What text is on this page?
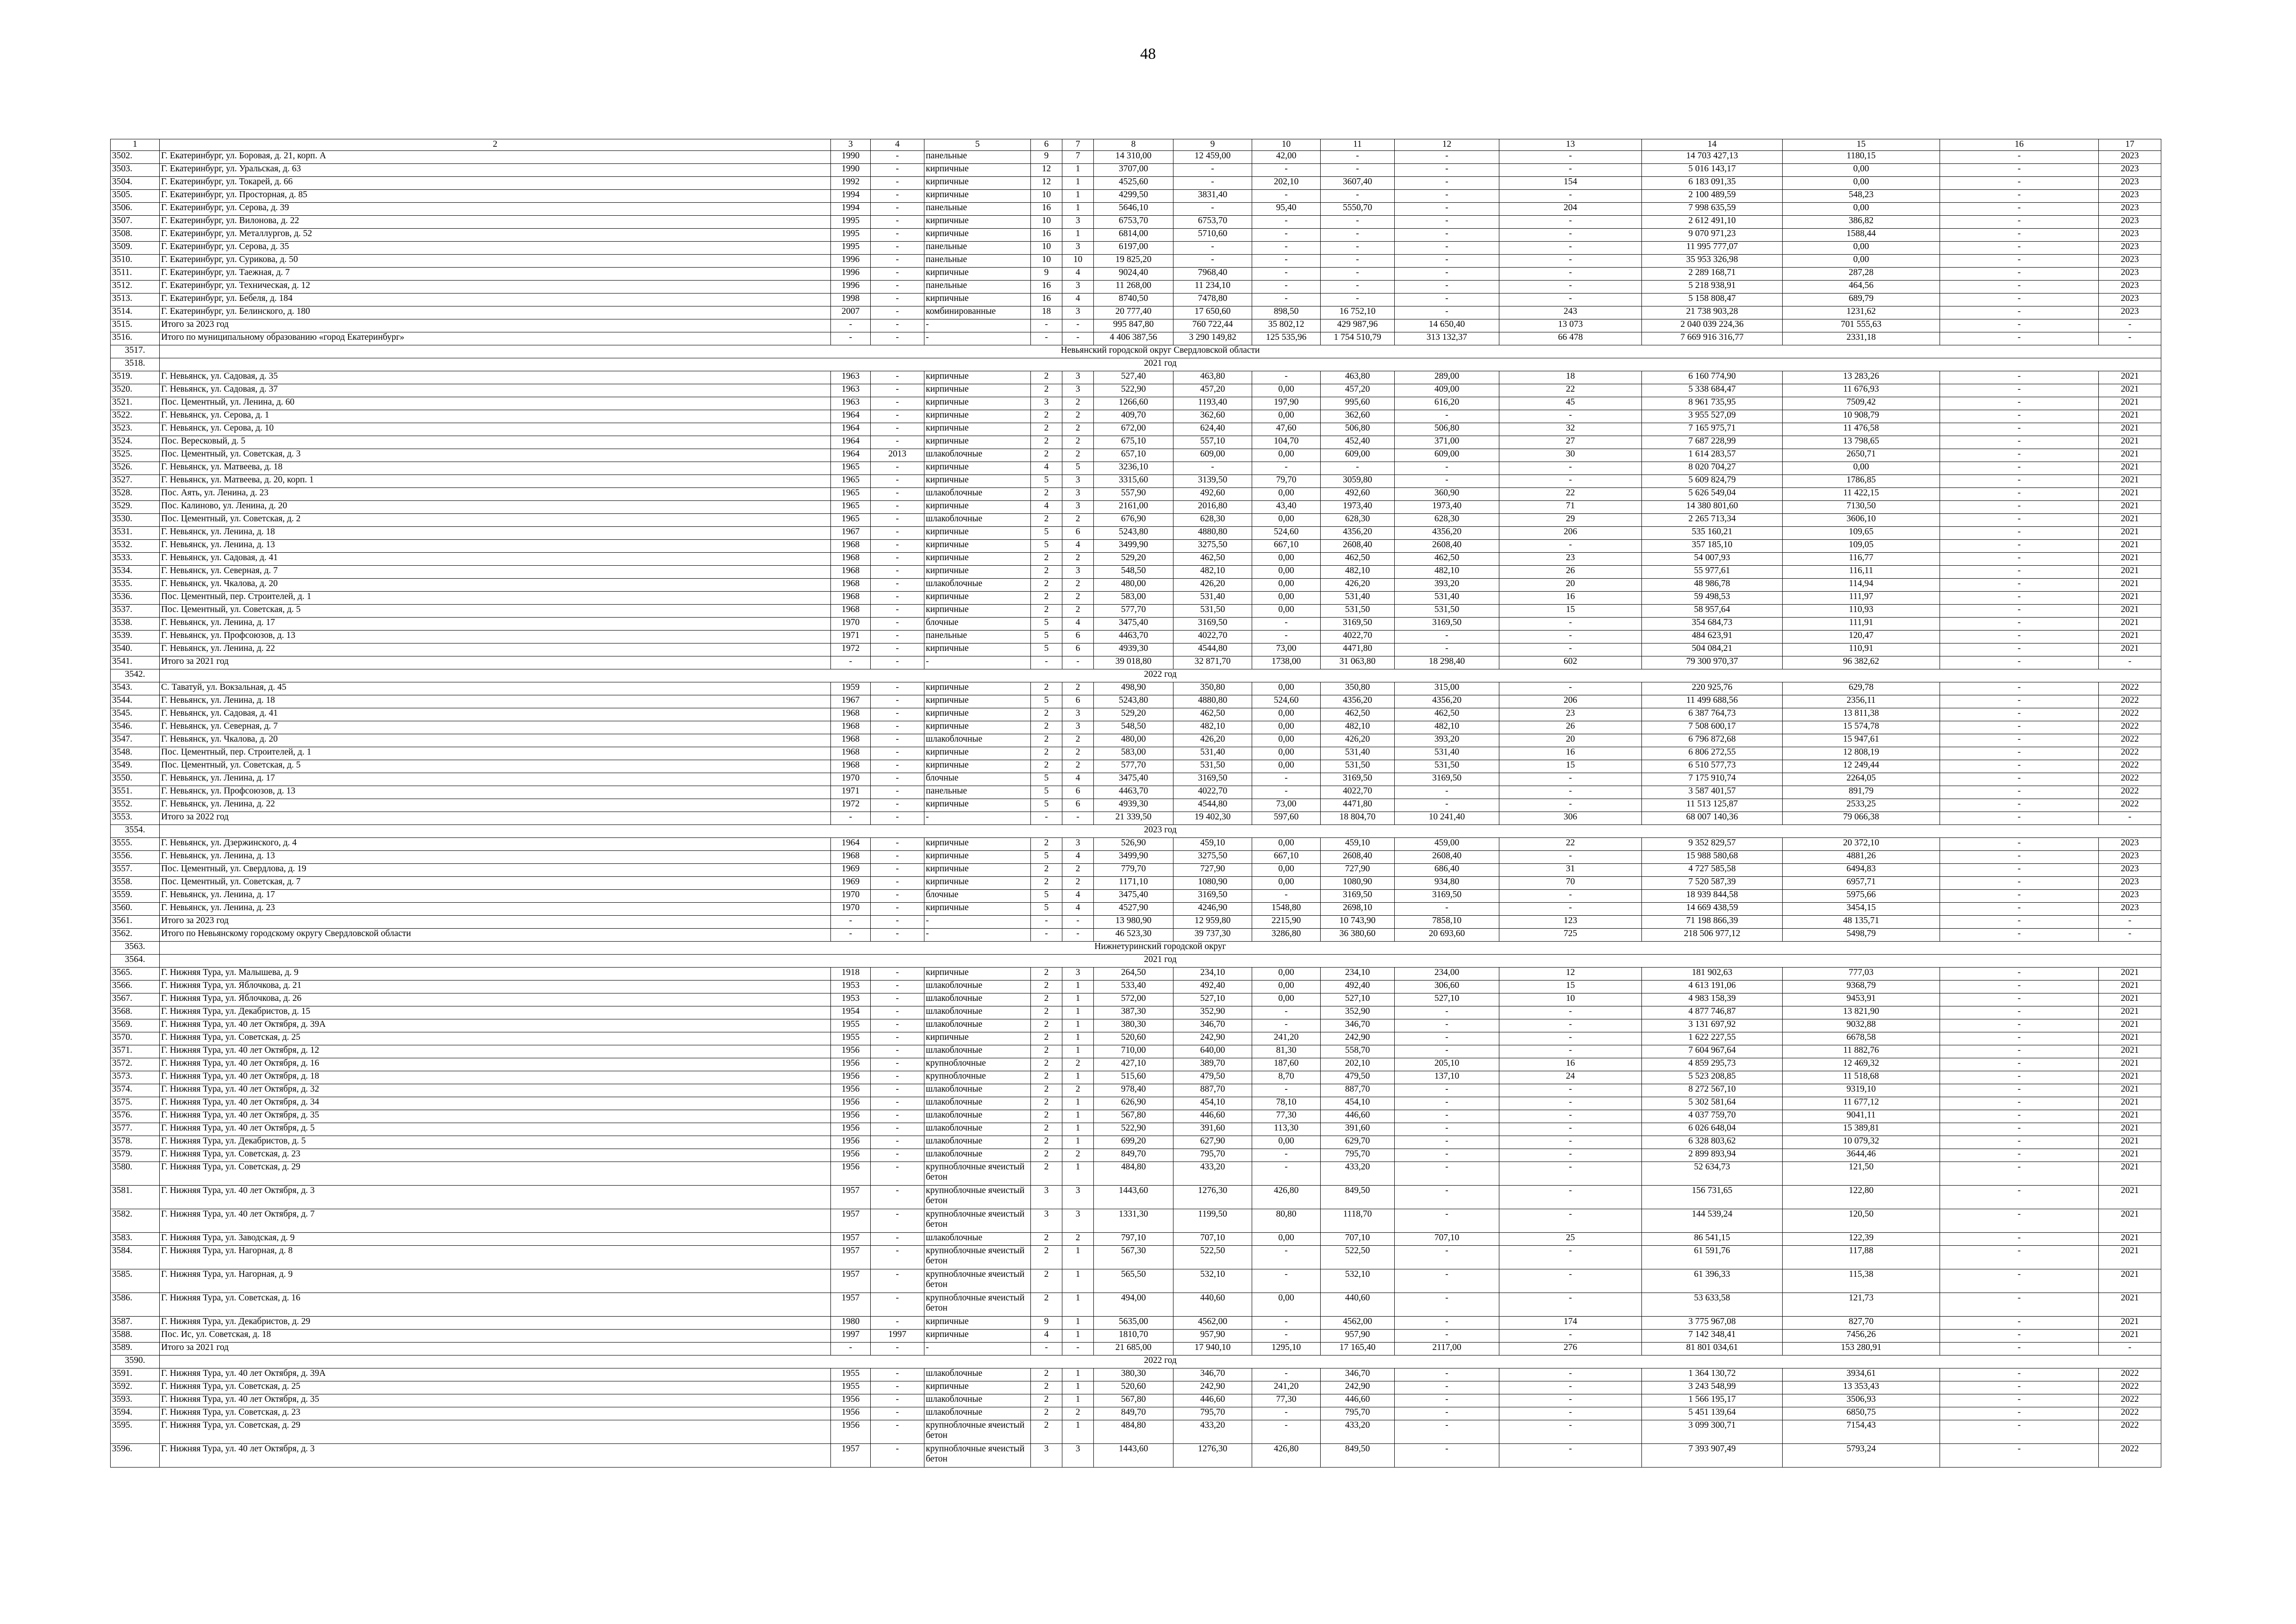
48
1	2	3	4	5	6	7	8	9	10	11	12	13	14	15	16	17
3502.	Г. Екатеринбург, ул. Боровая, д. 21, корп. А	1990	-	панельные	9	7	14 310,00	12 459,00	42,00	-	-	-	14 703 427,13	1180,15	-	2023
3503.	Г. Екатеринбург, ул. Уральская, д. 63	1990	-	кирпичные	12	1	3707,00	-	-	-	-	-	5 016 143,17	0,00	-	2023
3504.	Г. Екатеринбург, ул. Токарей, д. 66	1992	-	кирпичные	12	1	4525,60	-	202,10	3607,40	-	154	6 183 091,35	0,00	-	2023
3505.	Г. Екатеринбург, ул. Просторная, д. 85	1994	-	кирпичные	10	1	4299,50	3831,40	-	-	-	-	2 100 489,59	548,23	-	2023
3506.	Г. Екатеринбург, ул. Серова, д. 39	1994	-	панельные	16	1	5646,10	-	95,40	5550,70	-	204	7 998 635,59	0,00	-	2023
3507.	Г. Екатеринбург, ул. Вилонова, д. 22	1995	-	кирпичные	10	3	6753,70	6753,70	-	-	-	-	2 612 491,10	386,82	-	2023
3508.	Г. Екатеринбург, ул. Металлургов, д. 52	1995	-	кирпичные	16	1	6814,00	5710,60	-	-	-	-	9 070 971,23	1588,44	-	2023
3509.	Г. Екатеринбург, ул. Серова, д. 35	1995	-	панельные	10	3	6197,00	-	-	-	-	-	11 995 777,07	0,00	-	2023
3510.	Г. Екатеринбург, ул. Сурикова, д. 50	1996	-	панельные	10	10	19 825,20	-	-	-	-	-	35 953 326,98	0,00	-	2023
3511.	Г. Екатеринбург, ул. Таежная, д. 7	1996	-	кирпичные	9	4	9024,40	7968,40	-	-	-	-	2 289 168,71	287,28	-	2023
3512.	Г. Екатеринбург, ул. Техническая, д. 12	1996	-	панельные	16	3	11 268,00	11 234,10	-	-	-	-	5 218 938,91	464,56	-	2023
3513.	Г. Екатеринбург, ул. Бебеля, д. 184	1998	-	кирпичные	16	4	8740,50	7478,80	-	-	-	-	5 158 808,47	689,79	-	2023
3514.	Г. Екатеринбург, ул. Белинского, д. 180	2007	-	комбинированные	18	3	20 777,40	17 650,60	898,50	16 752,10	-	243	21 738 903,28	1231,62	-	2023
3515.	Итого за 2023 год	-	-	-	-	-	995 847,80	760 722,44	35 802,12	429 987,96	14 650,40	13 073	2 040 039 224,36	701 555,63	-	-
3516.	Итого по муниципальному образованию «город Екатеринбург»	-	-	-	-	-	4 406 387,56	3 290 149,82	125 535,96	1 754 510,79	313 132,37	66 478	7 669 916 316,77	2331,18	-	-
3517.	Невьянский городской округ Свердловской области															
3518.	2021 год															
3519.	Г. Невьянск, ул. Садовая, д. 35	1963	-	кирпичные	2	3	527,40	463,80	-	463,80	289,00	18	6 160 774,90	13 283,26	-	2021
3520.	Г. Невьянск, ул. Садовая, д. 37	1963	-	кирпичные	2	3	522,90	457,20	0,00	457,20	409,00	22	5 338 684,47	11 676,93	-	2021
3521.	Пос. Цементный, ул. Ленина, д. 60	1963	-	кирпичные	3	2	1266,60	1193,40	197,90	995,60	616,20	45	8 961 735,95	7509,42	-	2021
3522.	Г. Невьянск, ул. Серова, д. 1	1964	-	кирпичные	2	2	409,70	362,60	0,00	362,60	-	-	3 955 527,09	10 908,79	-	2021
3523.	Г. Невьянск, ул. Серова, д. 10	1964	-	кирпичные	2	2	672,00	624,40	47,60	506,80	506,80	32	7 165 975,71	11 476,58	-	2021
3524.	Пос. Вересковый, д. 5	1964	-	кирпичные	2	2	675,10	557,10	104,70	452,40	371,00	27	7 687 228,99	13 798,65	-	2021
3525.	Пос. Цементный, ул. Советская, д. 3	1964	2013	шлакоблочные	2	2	657,10	609,00	0,00	609,00	609,00	30	1 614 283,57	2650,71	-	2021
3526.	Г. Невьянск, ул. Матвеева, д. 18	1965	-	кирпичные	4	5	3236,10	-	-	-	-	-	8 020 704,27	0,00	-	2021
3527.	Г. Невьянск, ул. Матвеева, д. 20, корп. 1	1965	-	кирпичные	5	3	3315,60	3139,50	79,70	3059,80	-	-	5 609 824,79	1786,85	-	2021
3528.	Пос. Аять, ул. Ленина, д. 23	1965	-	шлакоблочные	2	3	557,90	492,60	0,00	492,60	360,90	22	5 626 549,04	11 422,15	-	2021
3529.	Пос. Калиново, ул. Ленина, д. 20	1965	-	кирпичные	4	3	2161,00	2016,80	43,40	1973,40	1973,40	71	14 380 801,60	7130,50	-	2021
3530.	Пос. Цементный, ул. Советская, д. 2	1965	-	шлакоблочные	2	2	676,90	628,30	0,00	628,30	628,30	29	2 265 713,34	3606,10	-	2021
3531.	Г. Невьянск, ул. Ленина, д. 18	1967	-	кирпичные	5	6	5243,80	4880,80	524,60	4356,20	4356,20	206	535 160,21	109,65	-	2021
3532.	Г. Невьянск, ул. Ленина, д. 13	1968	-	кирпичные	5	4	3499,90	3275,50	667,10	2608,40	2608,40	-	357 185,10	109,05	-	2021
3533.	Г. Невьянск, ул. Садовая, д. 41	1968	-	кирпичные	2	2	529,20	462,50	0,00	462,50	462,50	23	54 007,93	116,77	-	2021
3534.	Г. Невьянск, ул. Северная, д. 7	1968	-	кирпичные	2	3	548,50	482,10	0,00	482,10	482,10	26	55 977,61	116,11	-	2021
3535.	Г. Невьянск, ул. Чкалова, д. 20	1968	-	шлакоблочные	2	2	480,00	426,20	0,00	426,20	393,20	20	48 986,78	114,94	-	2021
3536.	Пос. Цементный, пер. Строителей, д. 1	1968	-	кирпичные	2	2	583,00	531,40	0,00	531,40	531,40	16	59 498,53	111,97	-	2021
3537.	Пос. Цементный, ул. Советская, д. 5	1968	-	кирпичные	2	2	577,70	531,50	0,00	531,50	531,50	15	58 957,64	110,93	-	2021
3538.	Г. Невьянск, ул. Ленина, д. 17	1970	-	блочные	5	4	3475,40	3169,50	-	3169,50	3169,50	-	354 684,73	111,91	-	2021
3539.	Г. Невьянск, ул. Профсоюзов, д. 13	1971	-	панельные	5	6	4463,70	4022,70	-	4022,70	-	-	484 623,91	120,47	-	2021
3540.	Г. Невьянск, ул. Ленина, д. 22	1972	-	кирпичные	5	6	4939,30	4544,80	73,00	4471,80	-	-	504 084,21	110,91	-	2021
3541.	Итого за 2021 год	-	-	-	-	-	39 018,80	32 871,70	1738,00	31 063,80	18 298,40	602	79 300 970,37	96 382,62	-	-
3542.	2022 год															
3543.	С. Таватуй, ул. Вокзальная, д. 45	1959	-	кирпичные	2	2	498,90	350,80	0,00	350,80	315,00	-	220 925,76	629,78	-	2022
3544.	Г. Невьянск, ул. Ленина, д. 18	1967	-	кирпичные	5	6	5243,80	4880,80	524,60	4356,20	4356,20	206	11 499 688,56	2356,11	-	2022
3545.	Г. Невьянск, ул. Садовая, д. 41	1968	-	кирпичные	2	3	529,20	462,50	0,00	462,50	462,50	23	6 387 764,73	13 811,38	-	2022
3546.	Г. Невьянск, ул. Северная, д. 7	1968	-	кирпичные	2	3	548,50	482,10	0,00	482,10	482,10	26	7 508 600,17	15 574,78	-	2022
3547.	Г. Невьянск, ул. Чкалова, д. 20	1968	-	шлакоблочные	2	2	480,00	426,20	0,00	426,20	393,20	20	6 796 872,68	15 947,61	-	2022
3548.	Пос. Цементный, пер. Строителей, д. 1	1968	-	кирпичные	2	2	583,00	531,40	0,00	531,40	531,40	16	6 806 272,55	12 808,19	-	2022
3549.	Пос. Цементный, ул. Советская, д. 5	1968	-	кирпичные	2	2	577,70	531,50	0,00	531,50	531,50	15	6 510 577,73	12 249,44	-	2022
3550.	Г. Невьянск, ул. Ленина, д. 17	1970	-	блочные	5	4	3475,40	3169,50	-	3169,50	3169,50	-	7 175 910,74	2264,05	-	2022
3551.	Г. Невьянск, ул. Профсоюзов, д. 13	1971	-	панельные	5	6	4463,70	4022,70	-	4022,70	-	-	3 587 401,57	891,79	-	2022
3552.	Г. Невьянск, ул. Ленина, д. 22	1972	-	кирпичные	5	6	4939,30	4544,80	73,00	4471,80	-	-	11 513 125,87	2533,25	-	2022
3553.	Итого за 2022 год	-	-	-	-	-	21 339,50	19 402,30	597,60	18 804,70	10 241,40	306	68 007 140,36	79 066,38	-	-
3554.	2023 год															
3555.	Г. Невьянск, ул. Дзержинского, д. 4	1964	-	кирпичные	2	3	526,90	459,10	0,00	459,10	459,00	22	9 352 829,57	20 372,10	-	2023
3556.	Г. Невьянск, ул. Ленина, д. 13	1968	-	кирпичные	5	4	3499,90	3275,50	667,10	2608,40	2608,40	-	15 988 580,68	4881,26	-	2023
3557.	Пос. Цементный, ул. Свердлова, д. 19	1969	-	кирпичные	2	2	779,70	727,90	0,00	727,90	686,40	31	4 727 585,58	6494,83	-	2023
3558.	Пос. Цементный, ул. Советская, д. 7	1969	-	кирпичные	2	2	1171,10	1080,90	0,00	1080,90	934,80	70	7 520 587,39	6957,71	-	2023
3559.	Г. Невьянск, ул. Ленина, д. 17	1970	-	блочные	5	4	3475,40	3169,50	-	3169,50	3169,50	-	18 939 844,58	5975,66	-	2023
3560.	Г. Невьянск, ул. Ленина, д. 23	1970	-	кирпичные	5	4	4527,90	4246,90	1548,80	2698,10	-	-	14 669 438,59	3454,15	-	2023
3561.	Итого за 2023 год	-	-	-	-	-	13 980,90	12 959,80	2215,90	10 743,90	7858,10	123	71 198 866,39	48 135,71	-	-
3562.	Итого по Невьянскому городскому округу Свердловской области	-	-	-	-	-	46 523,30	39 737,30	3286,80	36 380,60	20 693,60	725	218 506 977,12	5498,79	-	-
3563.	Нижнетуринский городской округ															
3564.	2021 год															
3565.	Г. Нижняя Тура, ул. Малышева, д. 9	1918	-	кирпичные	2	3	264,50	234,10	0,00	234,10	234,00	12	181 902,63	777,03	-	2021
3566.	Г. Нижняя Тура, ул. Яблочкова, д. 21	1953	-	шлакоблочные	2	1	533,40	492,40	0,00	492,40	306,60	15	4 613 191,06	9368,79	-	2021
3567.	Г. Нижняя Тура, ул. Яблочкова, д. 26	1953	-	шлакоблочные	2	1	572,00	527,10	0,00	527,10	527,10	10	4 983 158,39	9453,91	-	2021
3568.	Г. Нижняя Тура, ул. Декабристов, д. 15	1954	-	шлакоблочные	2	1	387,30	352,90	-	352,90	-	-	4 877 746,87	13 821,90	-	2021
3569.	Г. Нижняя Тура, ул. 40 лет Октября, д. 39А	1955	-	шлакоблочные	2	1	380,30	346,70	-	346,70	-	-	3 131 697,92	9032,88	-	2021
3570.	Г. Нижняя Тура, ул. Советская, д. 25	1955	-	кирпичные	2	1	520,60	242,90	241,20	242,90	-	-	1 622 227,55	6678,58	-	2021
3571.	Г. Нижняя Тура, ул. 40 лет Октября, д. 12	1956	-	шлакоблочные	2	1	710,00	640,00	81,30	558,70	-	-	7 604 967,64	11 882,76	-	2021
3572.	Г. Нижняя Тура, ул. 40 лет Октября, д. 16	1956	-	крупноблочные	2	2	427,10	389,70	187,60	202,10	205,10	16	4 859 295,73	12 469,32	-	2021
3573.	Г. Нижняя Тура, ул. 40 лет Октября, д. 18	1956	-	крупноблочные	2	1	515,60	479,50	8,70	479,50	137,10	24	5 523 208,85	11 518,68	-	2021
3574.	Г. Нижняя Тура, ул. 40 лет Октября, д. 32	1956	-	шлакоблочные	2	2	978,40	887,70	-	887,70	-	-	8 272 567,10	9319,10	-	2021
3575.	Г. Нижняя Тура, ул. 40 лет Октября, д. 34	1956	-	шлакоблочные	2	1	626,90	454,10	78,10	454,10	-	-	5 302 581,64	11 677,12	-	2021
3576.	Г. Нижняя Тура, ул. 40 лет Октября, д. 35	1956	-	шлакоблочные	2	1	567,80	446,60	77,30	446,60	-	-	4 037 759,70	9041,11	-	2021
3577.	Г. Нижняя Тура, ул. 40 лет Октября, д. 5	1956	-	шлакоблочные	2	1	522,90	391,60	113,30	391,60	-	-	6 026 648,04	15 389,81	-	2021
3578.	Г. Нижняя Тура, ул. Декабристов, д. 5	1956	-	шлакоблочные	2	1	699,20	627,90	0,00	629,70	-	-	6 328 803,62	10 079,32	-	2021
3579.	Г. Нижняя Тура, ул. Советская, д. 23	1956	-	шлакоблочные	2	2	849,70	795,70	-	795,70	-	-	2 899 893,94	3644,46	-	2021
3580.	Г. Нижняя Тура, ул. Советская, д. 29	1956	-	крупноблочные ячеистый бетон	2	1	484,80	433,20	-	433,20	-	-	52 634,73	121,50	-	2021
3581.	Г. Нижняя Тура, ул. 40 лет Октября, д. 3	1957	-	крупноблочные ячеистый бетон	3	3	1443,60	1276,30	426,80	849,50	-	-	156 731,65	122,80	-	2021
3582.	Г. Нижняя Тура, ул. 40 лет Октября, д. 7	1957	-	крупноблочные ячеистый бетон	3	3	1331,30	1199,50	80,80	1118,70	-	-	144 539,24	120,50	-	2021
3583.	Г. Нижняя Тура, ул. Заводская, д. 9	1957	-	шлакоблочные	2	2	797,10	707,10	0,00	707,10	707,10	25	86 541,15	122,39	-	2021
3584.	Г. Нижняя Тура, ул. Нагорная, д. 8	1957	-	крупноблочные ячеистый бетон	2	1	567,30	522,50	-	522,50	-	-	61 591,76	117,88	-	2021
3585.	Г. Нижняя Тура, ул. Нагорная, д. 9	1957	-	крупноблочные ячеистый бетон	2	1	565,50	532,10	-	532,10	-	-	61 396,33	115,38	-	2021
3586.	Г. Нижняя Тура, ул. Советская, д. 16	1957	-	крупноблочные ячеистый бетон	2	1	494,00	440,60	0,00	440,60	-	-	53 633,58	121,73	-	2021
3587.	Г. Нижняя Тура, ул. Декабристов, д. 29	1980	-	кирпичные	9	1	5635,00	4562,00	-	4562,00	-	174	3 775 967,08	827,70	-	2021
3588.	Пос. Ис, ул. Советская, д. 18	1997	1997	кирпичные	4	1	1810,70	957,90	-	957,90	-	-	7 142 348,41	7456,26	-	2021
3589.	Итого за 2021 год	-	-	-	-	-	21 685,00	17 940,10	1295,10	17 165,40	2117,00	276	81 801 034,61	153 280,91	-	-
3590.	2022 год															
3591.	Г. Нижняя Тура, ул. 40 лет Октября, д. 39А	1955	-	шлакоблочные	2	1	380,30	346,70	-	346,70	-	-	1 364 130,72	3934,61	-	2022
3592.	Г. Нижняя Тура, ул. Советская, д. 25	1955	-	кирпичные	2	1	520,60	242,90	241,20	242,90	-	-	3 243 548,99	13 353,43	-	2022
3593.	Г. Нижняя Тура, ул. 40 лет Октября, д. 35	1956	-	шлакоблочные	2	1	567,80	446,60	77,30	446,60	-	-	1 566 195,17	3506,93	-	2022
3594.	Г. Нижняя Тура, ул. Советская, д. 23	1956	-	шлакоблочные	2	2	849,70	795,70	-	795,70	-	-	5 451 139,64	6850,75	-	2022
3595.	Г. Нижняя Тура, ул. Советская, д. 29	1956	-	крупноблочные ячеистый бетон	2	1	484,80	433,20	-	433,20	-	-	3 099 300,71	7154,43	-	2022
3596.	Г. Нижняя Тура, ул. 40 лет Октября, д. 3	1957	-	крупноблочные ячеистый бетон	3	3	1443,60	1276,30	426,80	849,50	-	-	7 393 907,49	5793,24	-	2022
